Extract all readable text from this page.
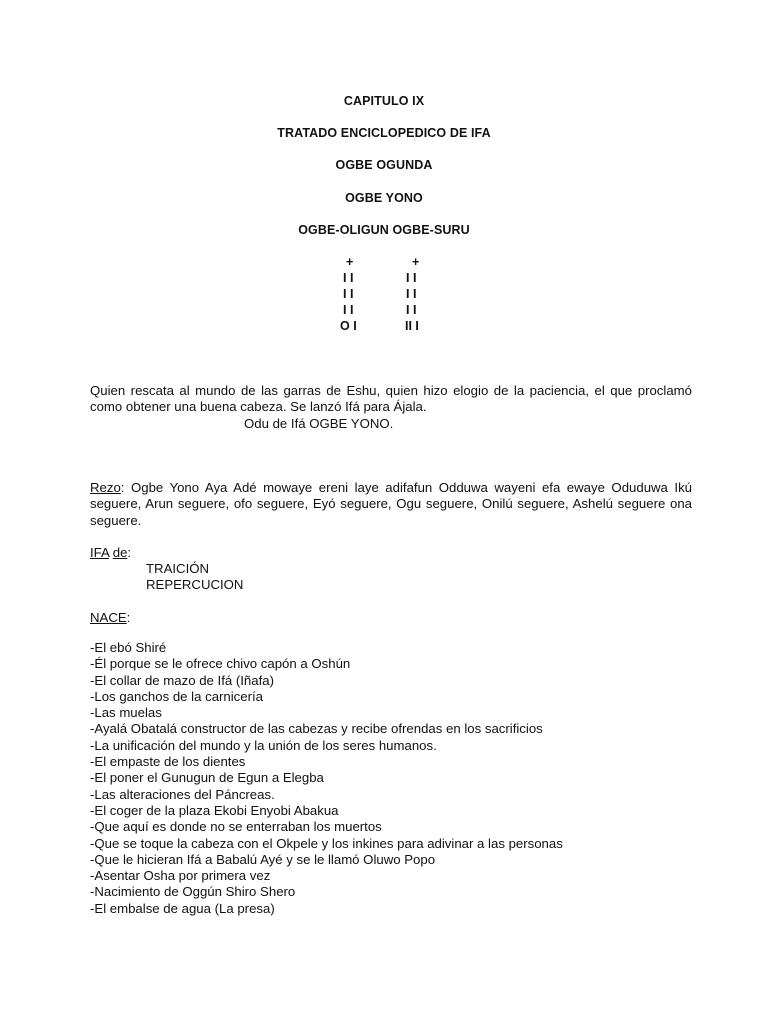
CAPITULO IX
TRATADO ENCICLOPEDICO DE IFA
OGBE OGUNDA
OGBE YONO
OGBE-OLIGUN OGBE-SURU
+
I I
I I
I I
O I
+
I I
I I
I I
II I
Quien rescata al mundo de las garras de Eshu, quien hizo elogio de la paciencia, el que proclamó como obtener una buena cabeza. Se lanzó Ifá para Ájala.
Odu de Ifá OGBE YONO.
Rezo: Ogbe Yono Aya Adé mowaye ereni laye adifafun Odduwa wayeni efa ewaye Oduduwa Ikú seguere, Arun seguere, ofo seguere, Eyó seguere, Ogu seguere, Onilú seguere, Ashelú seguere ona seguere.
IFA de:
TRAICIÓN
REPERCUCION
NACE:
-El ebó Shiré
-Él porque se le ofrece chivo capón a Oshún
-El collar de mazo de Ifá (Iñafa)
-Los ganchos de la carnicería
-Las muelas
-Ayalá Obatalá constructor de las cabezas y recibe ofrendas en los sacrificios
-La unificación del mundo y la unión de los seres humanos.
-El empaste de los dientes
-El poner el Gunugun de Egun a Elegba
-Las alteraciones del Páncreas.
-El coger de la plaza Ekobi Enyobi Abakua
-Que aquí es donde no se enterraban los muertos
-Que se toque la cabeza con el Okpele y los inkines para adivinar a las personas
-Que le hicieran Ifá a Babalú Ayé y se le llamó Oluwo Popo
-Asentar Osha por primera vez
-Nacimiento de Oggún Shiro Shero
-El embalse de agua (La presa)
